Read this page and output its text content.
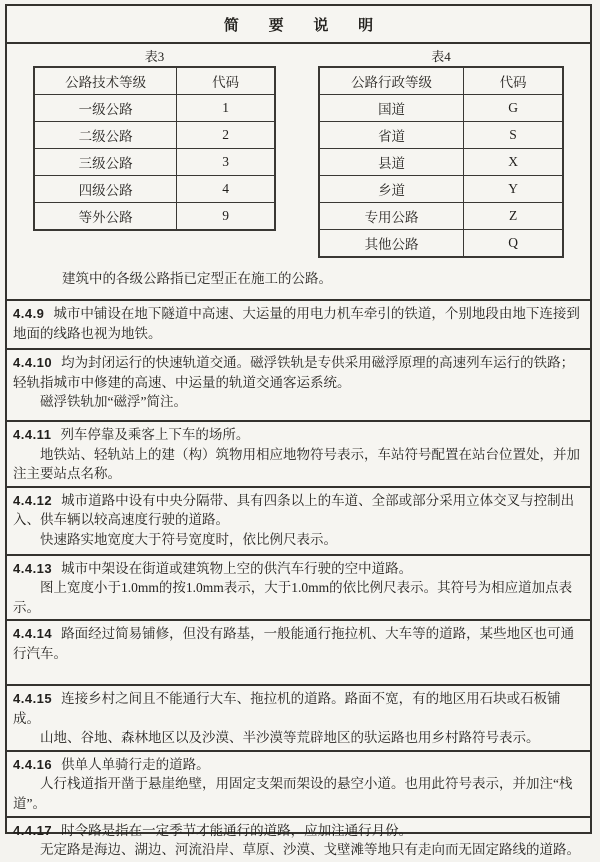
简 要 说 明
表3
公路技术等级	代码
一级公路	1
二级公路	2
三级公路	3
四级公路	4
等外公路	9
表4
公路行政等级	代码
国道	G
省道	S
县道	X
乡道	Y
专用公路	Z
其他公路	Q

建筑中的各级公路指已定型正在施工的公路。

4.4.9 城市中铺设在地下隧道中高速、大运量的用电力机车牵引的铁道，个别地段由地下连接到地面的线路也视为地铁。

4.4.10 均为封闭运行的快速轨道交通。磁浮铁轨是专供采用磁浮原理的高速列车运行的铁路；轻轨指城市中修建的高速、中运量的轨道交通客运系统。

磁浮铁轨加“磁浮”简注。

4.4.11 列车停靠及乘客上下车的场所。

地铁站、轻轨站上的建（构）筑物用相应地物符号表示，车站符号配置在站台位置处，并加注主要站点名称。

4.4.12 城市道路中设有中央分隔带、具有四条以上的车道、全部或部分采用立体交叉与控制出入、供车辆以较高速度行驶的道路。

快速路实地宽度大于符号宽度时，依比例尺表示。

4.4.13 城市中架设在街道或建筑物上空的供汽车行驶的空中道路。

图上宽度小于1.0mm的按1.0mm表示，大于1.0mm的依比例尺表示。其符号为相应道加点表示。

4.4.14 路面经过简易铺修，但没有路基，一般能通行拖拉机、大车等的道路，某些地区也可通行汽车。

4.4.15 连接乡村之间且不能通行大车、拖拉机的道路。路面不宽，有的地区用石块或石板铺成。

山地、谷地、森林地区以及沙漠、半沙漠等荒辟地区的驮运路也用乡村路符号表示。

4.4.16 供单人单骑行走的道路。

人行栈道指开凿于悬崖绝壁，用固定支架而架设的悬空小道。也用此符号表示，并加注“栈道”。

4.4.17 时令路是指在一定季节才能通行的道路，应加注通行月份。

无定路是海边、湖边、河流沿岸、草原、沙漠、戈壁滩等地只有走向而无固定路线的道路。
